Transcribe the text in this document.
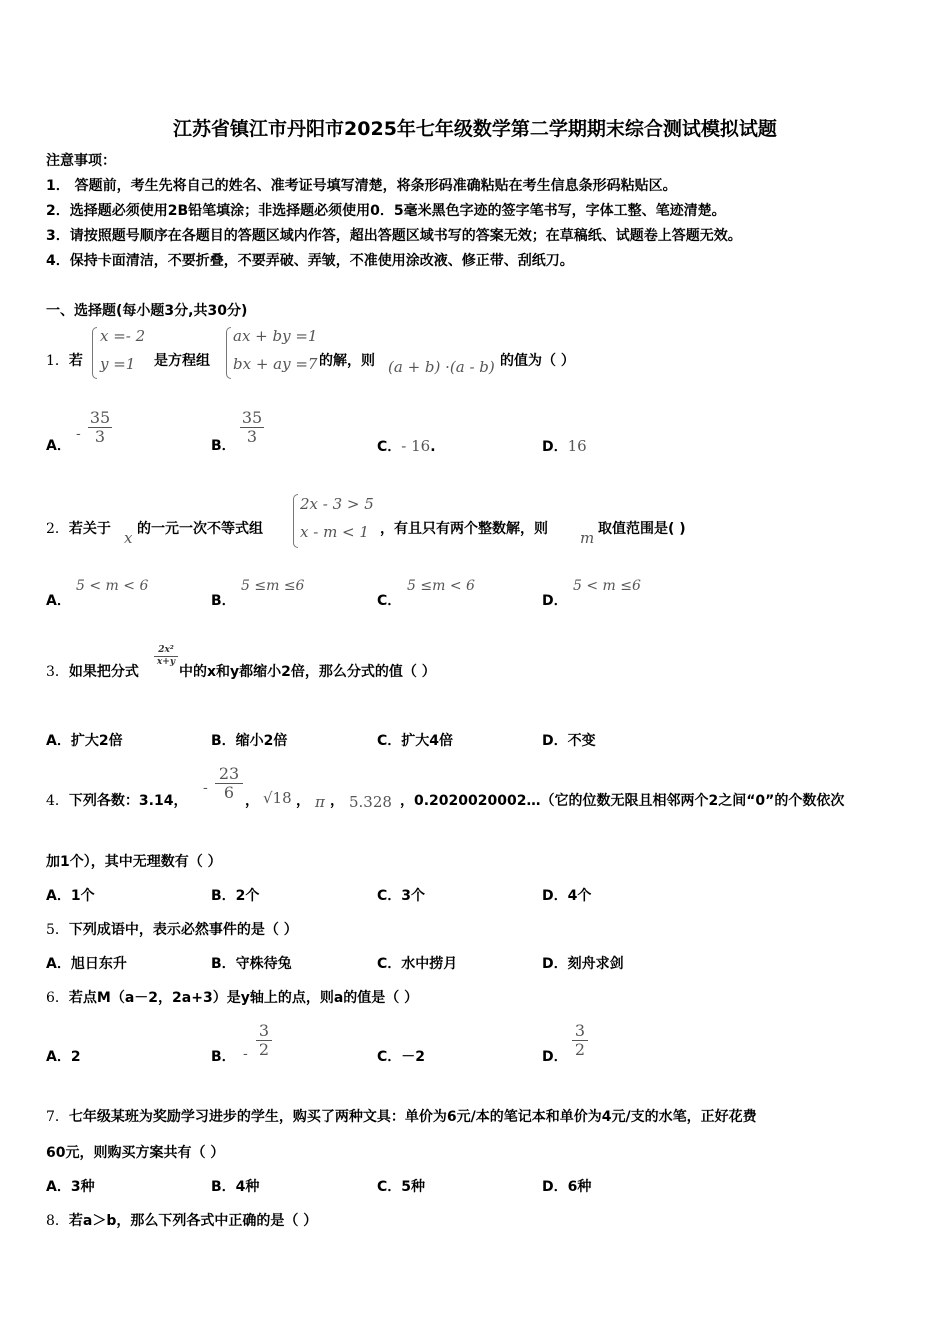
江苏省镇江市丹阳市2025年七年级数学第二学期期末综合测试模拟试题
注意事项：
1． 答题前，考生先将自己的姓名、准考证号填写清楚，将条形码准确粘贴在考生信息条形码粘贴区。
2．选择题必须使用2B铅笔填涂；非选择题必须使用0．5毫米黑色字迹的签字笔书写，字体工整、笔迹清楚。
3．请按照题号顺序在各题目的答题区域内作答，超出答题区域书写的答案无效；在草稿纸、试题卷上答题无效。
4．保持卡面清洁，不要折叠，不要弄破、弄皱，不准使用涂改液、修正带、刮纸刀。
一、选择题(每小题3分,共30分)
1．若
x =- 2
y =1	是方程组
ax + by =1
bx + ay =7 的解，则 (a + b) ·(a - b) 的值为（ ）
A．
-
35
3	B．
35
3
C．- 16.	D．16
2．若关于 x 的一元一次不等式组
2x - 3 > 5
x - m < 1 ，有且只有两个整数解，则 m 取值范围是( )
A．
5 < m < 6
B．
5 ≤m ≤6
C．
5 ≤m < 6
D．
5 < m ≤6
3．如果把分式
2x²
x+y
中的x和y都缩小2倍，那么分式的值（ ）
A．扩大2倍	B．缩小2倍	C．扩大4倍	D．不变
4．下列各数：3.14，
-
23
6 ， √18 ， π ， 5.328 ，0.2020020002…（它的位数无限且相邻两个2之间“0”的个数依次
加1个），其中无理数有（ ）
A．1个	B．2个	C．3个	D．4个
5．下列成语中，表示必然事件的是（ ）
A．旭日东升	B．守株待兔	C．水中捞月	D．刻舟求剑
6．若点M（a－2，2a+3）是y轴上的点，则a的值是（ ）
A．2	B． -
3
2	C．－2	D．
3
2
7．七年级某班为奖励学习进步的学生，购买了两种文具：单价为6元/本的笔记本和单价为4元/支的水笔，正好花费
60元，则购买方案共有（ ）
A．3种	B．4种	C．5种	D．6种
8．若a＞b，那么下列各式中正确的是（ ）
